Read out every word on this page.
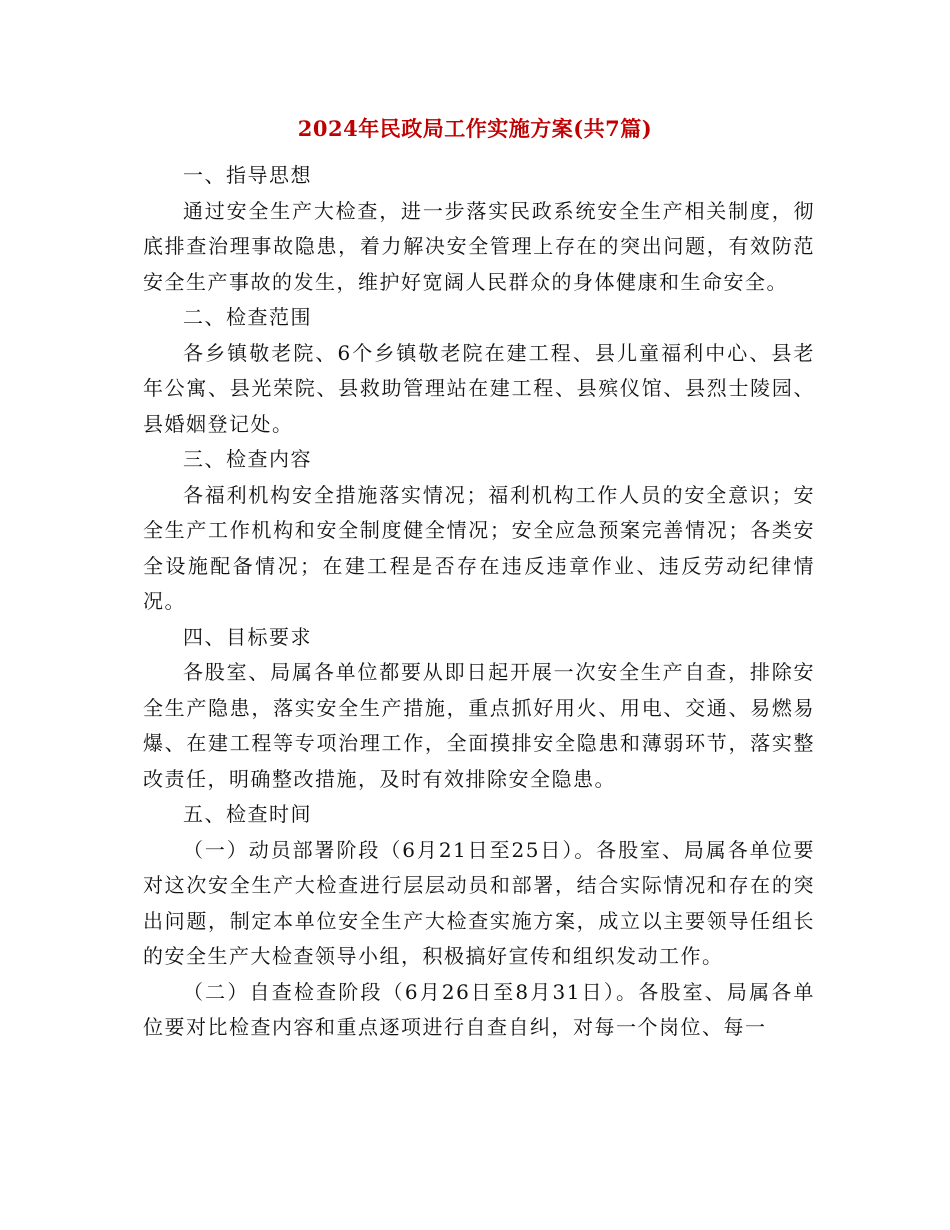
2024年民政局工作实施方案(共7篇)

一、指导思想

通过安全生产大检查，进一步落实民政系统安全生产相关制度，彻底排查治理事故隐患，着力解决安全管理上存在的突出问题，有效防范安全生产事故的发生，维护好宽阔人民群众的身体健康和生命安全。

二、检查范围

各乡镇敬老院、6个乡镇敬老院在建工程、县儿童福利中心、县老年公寓、县光荣院、县救助管理站在建工程、县殡仪馆、县烈士陵园、县婚姻登记处。

三、检查内容

各福利机构安全措施落实情况；福利机构工作人员的安全意识；安全生产工作机构和安全制度健全情况；安全应急预案完善情况；各类安全设施配备情况；在建工程是否存在违反违章作业、违反劳动纪律情况。

四、目标要求

各股室、局属各单位都要从即日起开展一次安全生产自查，排除安全生产隐患，落实安全生产措施，重点抓好用火、用电、交通、易燃易爆、在建工程等专项治理工作，全面摸排安全隐患和薄弱环节，落实整改责任，明确整改措施，及时有效排除安全隐患。

五、检查时间

（一）动员部署阶段（6月21日至25日）。各股室、局属各单位要对这次安全生产大检查进行层层动员和部署，结合实际情况和存在的突出问题，制定本单位安全生产大检查实施方案，成立以主要领导任组长的安全生产大检查领导小组，积极搞好宣传和组织发动工作。

（二）自查检查阶段（6月26日至8月31日）。各股室、局属各单位要对比检查内容和重点逐项进行自查自纠，对每一个岗位、每一
